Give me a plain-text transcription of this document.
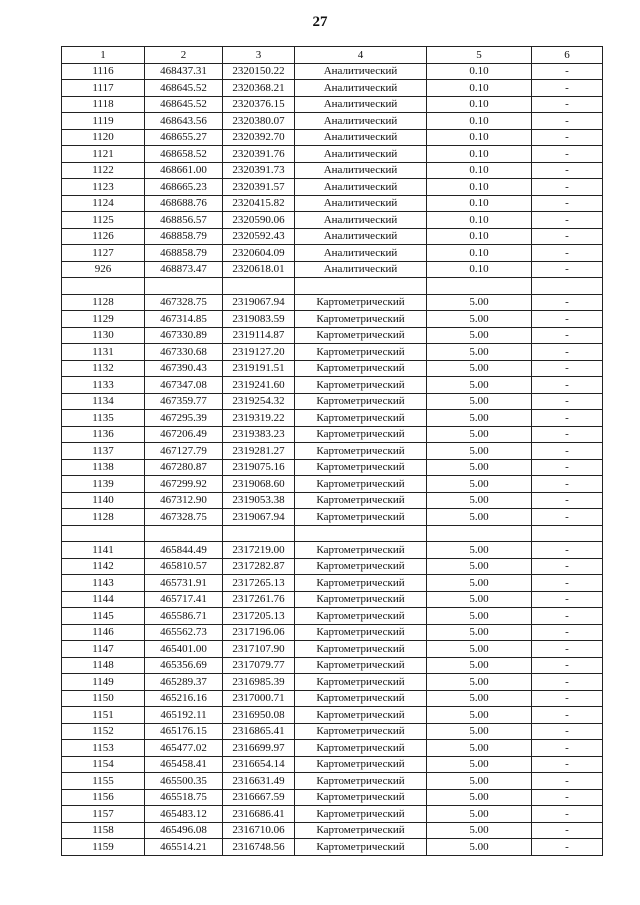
27
1	2	3	4	5	6
1116	468437.31	2320150.22	Аналитический	0.10	-
1117	468645.52	2320368.21	Аналитический	0.10	-
1118	468645.52	2320376.15	Аналитический	0.10	-
1119	468643.56	2320380.07	Аналитический	0.10	-
1120	468655.27	2320392.70	Аналитический	0.10	-
1121	468658.52	2320391.76	Аналитический	0.10	-
1122	468661.00	2320391.73	Аналитический	0.10	-
1123	468665.23	2320391.57	Аналитический	0.10	-
1124	468688.76	2320415.82	Аналитический	0.10	-
1125	468856.57	2320590.06	Аналитический	0.10	-
1126	468858.79	2320592.43	Аналитический	0.10	-
1127	468858.79	2320604.09	Аналитический	0.10	-
926	468873.47	2320618.01	Аналитический	0.10	-

1128	467328.75	2319067.94	Картометрический	5.00	-
1129	467314.85	2319083.59	Картометрический	5.00	-
1130	467330.89	2319114.87	Картометрический	5.00	-
1131	467330.68	2319127.20	Картометрический	5.00	-
1132	467390.43	2319191.51	Картометрический	5.00	-
1133	467347.08	2319241.60	Картометрический	5.00	-
1134	467359.77	2319254.32	Картометрический	5.00	-
1135	467295.39	2319319.22	Картометрический	5.00	-
1136	467206.49	2319383.23	Картометрический	5.00	-
1137	467127.79	2319281.27	Картометрический	5.00	-
1138	467280.87	2319075.16	Картометрический	5.00	-
1139	467299.92	2319068.60	Картометрический	5.00	-
1140	467312.90	2319053.38	Картометрический	5.00	-
1128	467328.75	2319067.94	Картометрический	5.00	-

1141	465844.49	2317219.00	Картометрический	5.00	-
1142	465810.57	2317282.87	Картометрический	5.00	-
1143	465731.91	2317265.13	Картометрический	5.00	-
1144	465717.41	2317261.76	Картометрический	5.00	-
1145	465586.71	2317205.13	Картометрический	5.00	-
1146	465562.73	2317196.06	Картометрический	5.00	-
1147	465401.00	2317107.90	Картометрический	5.00	-
1148	465356.69	2317079.77	Картометрический	5.00	-
1149	465289.37	2316985.39	Картометрический	5.00	-
1150	465216.16	2317000.71	Картометрический	5.00	-
1151	465192.11	2316950.08	Картометрический	5.00	-
1152	465176.15	2316865.41	Картометрический	5.00	-
1153	465477.02	2316699.97	Картометрический	5.00	-
1154	465458.41	2316654.14	Картометрический	5.00	-
1155	465500.35	2316631.49	Картометрический	5.00	-
1156	465518.75	2316667.59	Картометрический	5.00	-
1157	465483.12	2316686.41	Картометрический	5.00	-
1158	465496.08	2316710.06	Картометрический	5.00	-
1159	465514.21	2316748.56	Картометрический	5.00	-
